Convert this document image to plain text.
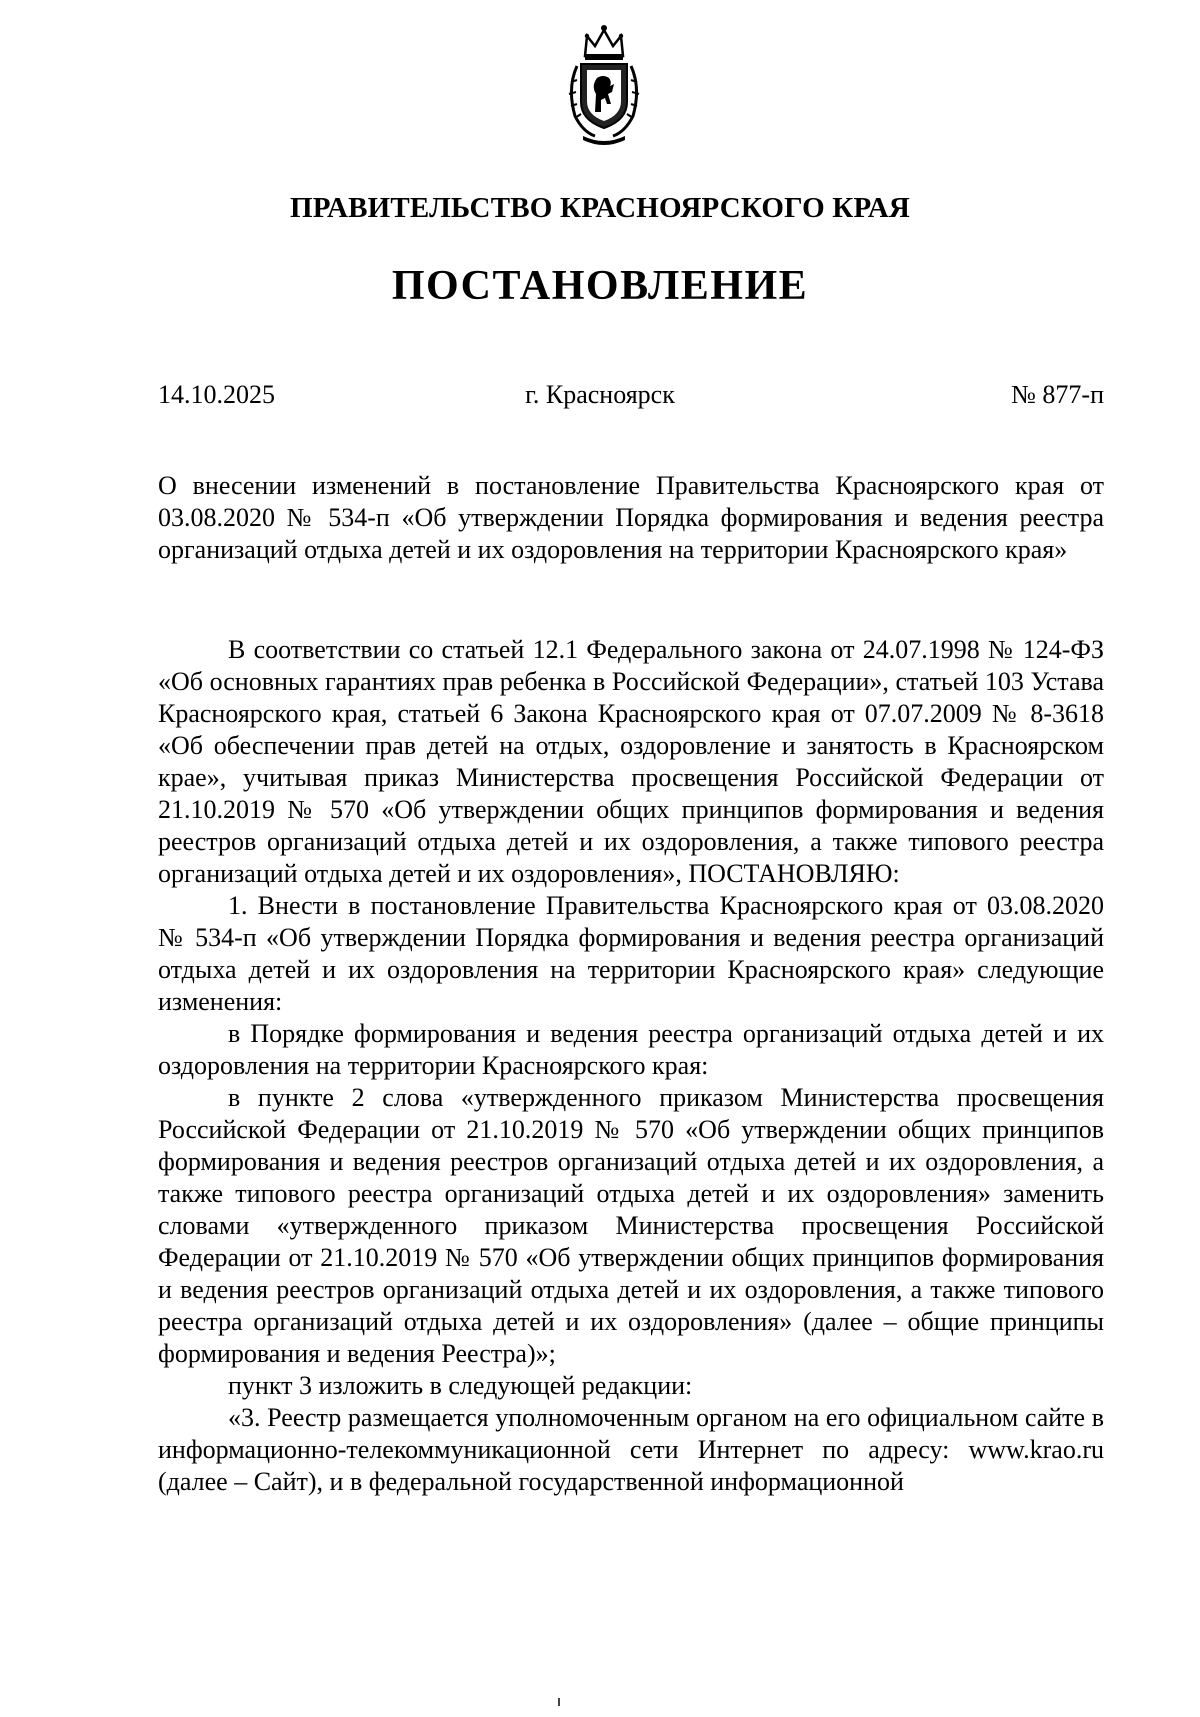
ПРАВИТЕЛЬСТВО КРАСНОЯРСКОГО КРАЯ
ПОСТАНОВЛЕНИЕ
14.10.2025	г. Красноярск	№ 877-п

О внесении изменений в постановление Правительства Красноярского края от 03.08.2020 № 534-п «Об утверждении Порядка формирования и ведения реестра организаций отдыха детей и их оздоровления на территории Красноярского края»

В соответствии со статьей 12.1 Федерального закона от 24.07.1998 № 124-ФЗ «Об основных гарантиях прав ребенка в Российской Федерации», статьей 103 Устава Красноярского края, статьей 6 Закона Красноярского края от 07.07.2009 № 8-3618 «Об обеспечении прав детей на отдых, оздоровление и занятость в Красноярском крае», учитывая приказ Министерства просвещения Российской Федерации от 21.10.2019 № 570 «Об утверждении общих принципов формирования и ведения реестров организаций отдыха детей и их оздоровления, а также типового реестра организаций отдыха детей и их оздоровления», ПОСТАНОВЛЯЮ:

1. Внести в постановление Правительства Красноярского края от 03.08.2020 № 534-п «Об утверждении Порядка формирования и ведения реестра организаций отдыха детей и их оздоровления на территории Красноярского края» следующие изменения:

в Порядке формирования и ведения реестра организаций отдыха детей и их оздоровления на территории Красноярского края:

в пункте 2 слова «утвержденного приказом Министерства просвещения Российской Федерации от 21.10.2019 № 570 «Об утверждении общих принципов формирования и ведения реестров организаций отдыха детей и их оздоровления, а также типового реестра организаций отдыха детей и их оздоровления» заменить словами «утвержденного приказом Министерства просвещения Российской Федерации от 21.10.2019 № 570 «Об утверждении общих принципов формирования и ведения реестров организаций отдыха детей и их оздоровления, а также типового реестра организаций отдыха детей и их оздоровления» (далее – общие принципы формирования и ведения Реестра)»;

пункт 3 изложить в следующей редакции:

«3. Реестр размещается уполномоченным органом на его официальном сайте в информационно-телекоммуникационной сети Интернет по адресу: www.krao.ru (далее – Сайт), и в федеральной государственной информационной
